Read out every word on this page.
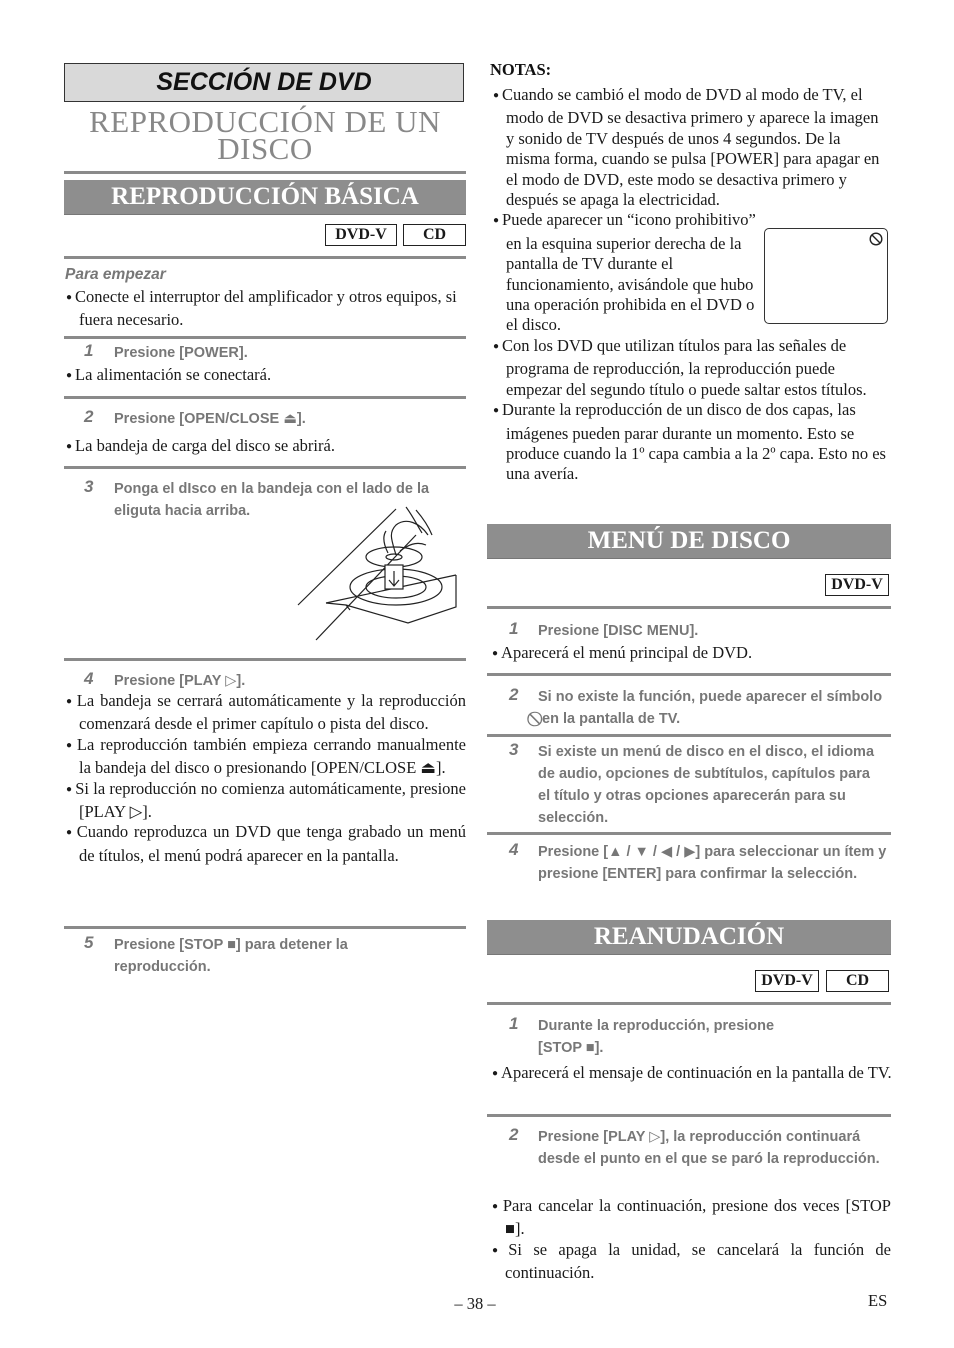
SECCIÓN DE DVD
REPRODUCCIÓN DE UN
DISCO
REPRODUCCIÓN BÁSICA
DVD-V	CD
Para empezar
● Conecte el interruptor del amplificador y otros equipos, si fuera necesario.
1 Presione [POWER].
● La alimentación se conectará.
2 Presione [OPEN/CLOSE ⏏].
● La bandeja de carga del disco se abrirá.
3 Ponga el dIsco en la bandeja con el lado de la eliguta hacia arriba.
4 Presione [PLAY ▷].
● La bandeja se cerrará automáticamente y la reproducción comenzará desde el primer capítulo o pista del disco.
● La reproducción también empieza cerrando manualmente la bandeja del disco o presionando [OPEN/CLOSE ⏏].
● Si la reproducción no comienza automáticamente, presione [PLAY ▷].
● Cuando reproduzca un DVD que tenga grabado un menú de títulos, el menú podrá aparecer en la pantalla.
5 Presione [STOP ■] para detener la reproducción.
NOTAS:
● Cuando se cambió el modo de DVD al modo de TV, el modo de DVD se desactiva primero y aparece la imagen y sonido de TV después de unos 4 segundos. De la misma forma, cuando se pulsa [POWER] para apagar en el modo de DVD, este modo se desactiva primero y después se apaga la electricidad.
● Puede aparecer un “icono prohibitivo” en la esquina superior derecha de la pantalla de TV durante el funcionamiento, avisándole que hubo una operación prohibida en el DVD o el disco.
● Con los DVD que utilizan títulos para las señales de programa de reproducción, la reproducción puede empezar del segundo título o puede saltar estos títulos.
● Durante la reproducción de un disco de dos capas, las imágenes pueden parar durante un momento. Esto se produce cuando la 1º capa cambia a la 2º capa. Esto no es una avería.
MENÚ DE DISCO
DVD-V
1 Presione [DISC MENU].
● Aparecerá el menú principal de DVD.
2 Si no existe la función, puede aparecer el símbolo ⃠ en la pantalla de TV.
3 Si existe un menú de disco en el disco, el idioma de audio, opciones de subtítulos, capítulos para el título y otras opciones aparecerán para su selección.
4 Presione [▲ / ▼ / ◀ / ▶] para seleccionar un ítem y presione [ENTER] para confirmar la selección.
REANUDACIÓN
DVD-V	CD
1 Durante la reproducción, presione [STOP ■].
● Aparecerá el mensaje de continuación en la pantalla de TV.
2 Presione [PLAY ▷], la reproducción continuará desde el punto en el que se paró la reproducción.
● Para cancelar la continuación, presione dos veces [STOP ■].
● Si se apaga la unidad, se cancelará la función de continuación.
– 38 –	ES
